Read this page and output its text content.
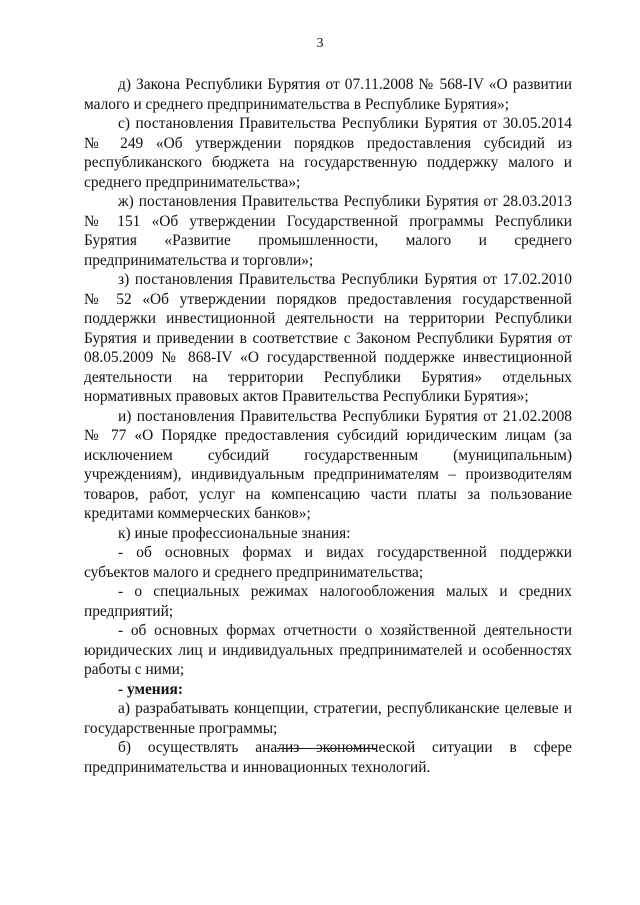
3

д) Закона Республики Бурятия от 07.11.2008 № 568-IV «О развитии малого и среднего предпринимательства в Республике Бурятия»;

с) постановления Правительства Республики Бурятия от 30.05.2014 № 249 «Об утверждении порядков предоставления субсидий из республиканского бюджета на государственную поддержку малого и среднего предпринимательства»;

ж) постановления Правительства Республики Бурятия от 28.03.2013 № 151 «Об утверждении Государственной программы Республики Бурятия «Развитие промышленности, малого и среднего предпринимательства и торговли»;

з) постановления Правительства Республики Бурятия от 17.02.2010 № 52 «Об утверждении порядков предоставления государственной поддержки инвестиционной деятельности на территории Республики Бурятия и приведении в соответствие с Законом Республики Бурятия от 08.05.2009 № 868-IV «О государственной поддержке инвестиционной деятельности на территории Республики Бурятия» отдельных нормативных правовых актов Правительства Республики Бурятия»;

и) постановления Правительства Республики Бурятия от 21.02.2008 № 77 «О Порядке предоставления субсидий юридическим лицам (за исключением субсидий государственным (муниципальным) учреждениям), индивидуальным предпринимателям – производителям товаров, работ, услуг на компенсацию части платы за пользование кредитами коммерческих банков»;

к) иные профессиональные знания:

- об основных формах и видах государственной поддержки субъектов малого и среднего предпринимательства;

- о специальных режимах налогообложения малых и средних предприятий;

- об основных формах отчетности о хозяйственной деятельности юридических лиц и индивидуальных предпринимателей и особенностях работы с ними;

- умения:

а) разрабатывать концепции, стратегии, республиканские целевые и государственные программы;

б) осуществлять анализ экономической ситуации в сфере предпринимательства и инновационных технологий.
